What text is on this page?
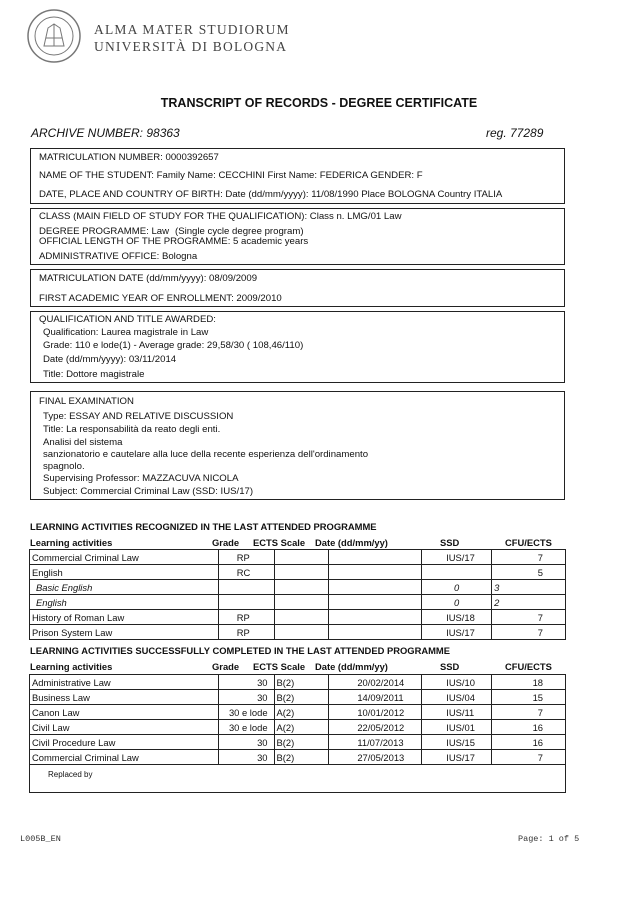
ALMA MATER STUDIORUM
UNIVERSITÀ DI BOLOGNA
TRANSCRIPT OF RECORDS - DEGREE CERTIFICATE
ARCHIVE NUMBER: 98363	reg. 77289
MATRICULATION NUMBER: 0000392657
NAME OF THE STUDENT: Family Name: CECCHINI First Name: FEDERICA GENDER: F
DATE, PLACE AND COUNTRY OF BIRTH: Date (dd/mm/yyyy): 11/08/1990 Place BOLOGNA Country ITALIA
CLASS (MAIN FIELD OF STUDY FOR THE QUALIFICATION): Class n. LMG/01 Law
DEGREE PROGRAMME: Law (Single cycle degree program)
OFFICIAL LENGTH OF THE PROGRAMME: 5 academic years
ADMINISTRATIVE OFFICE: Bologna
MATRICULATION DATE (dd/mm/yyyy): 08/09/2009
FIRST ACADEMIC YEAR OF ENROLLMENT: 2009/2010
QUALIFICATION AND TITLE AWARDED:
Qualification: Laurea magistrale in Law
Grade: 110 e lode(1) - Average grade: 29,58/30 ( 108,46/110)
Date (dd/mm/yyyy): 03/11/2014
Title: Dottore magistrale
FINAL EXAMINATION
Type: ESSAY AND RELATIVE DISCUSSION
Title: La responsabilità da reato degli enti.
Analisi del sistema
sanzionatorio e cautelare alla luce della recente esperienza dell'ordinamento
spagnolo.
Supervising Professor: MAZZACUVA NICOLA
Subject: Commercial Criminal Law (SSD: IUS/17)
LEARNING ACTIVITIES RECOGNIZED IN THE LAST ATTENDED PROGRAMME
Learning activities	Grade ECTS Scale Date (dd/mm/yy)	SSD	CFU/ECTS
Commercial Criminal Law	RP			IUS/17	7
English	RC				5
Basic English				0	3
English				0	2
History of Roman Law	RP			IUS/18	7
Prison System Law	RP			IUS/17	7
LEARNING ACTIVITIES SUCCESSFULLY COMPLETED IN THE LAST ATTENDED PROGRAMME
Learning activities	Grade ECTS Scale Date (dd/mm/yy)	SSD	CFU/ECTS
Administrative Law	30	B(2)	20/02/2014	IUS/10	18
Business Law	30	B(2)	14/09/2011	IUS/04	15
Canon Law	30 e lode	A(2)	10/01/2012	IUS/11	7
Civil Law	30 e lode	A(2)	22/05/2012	IUS/01	16
Civil Procedure Law	30	B(2)	11/07/2013	IUS/15	16
Commercial Criminal Law	30	B(2)	27/05/2013	IUS/17	7
Replaced by					
L005B_EN	Page: 1 of 5
